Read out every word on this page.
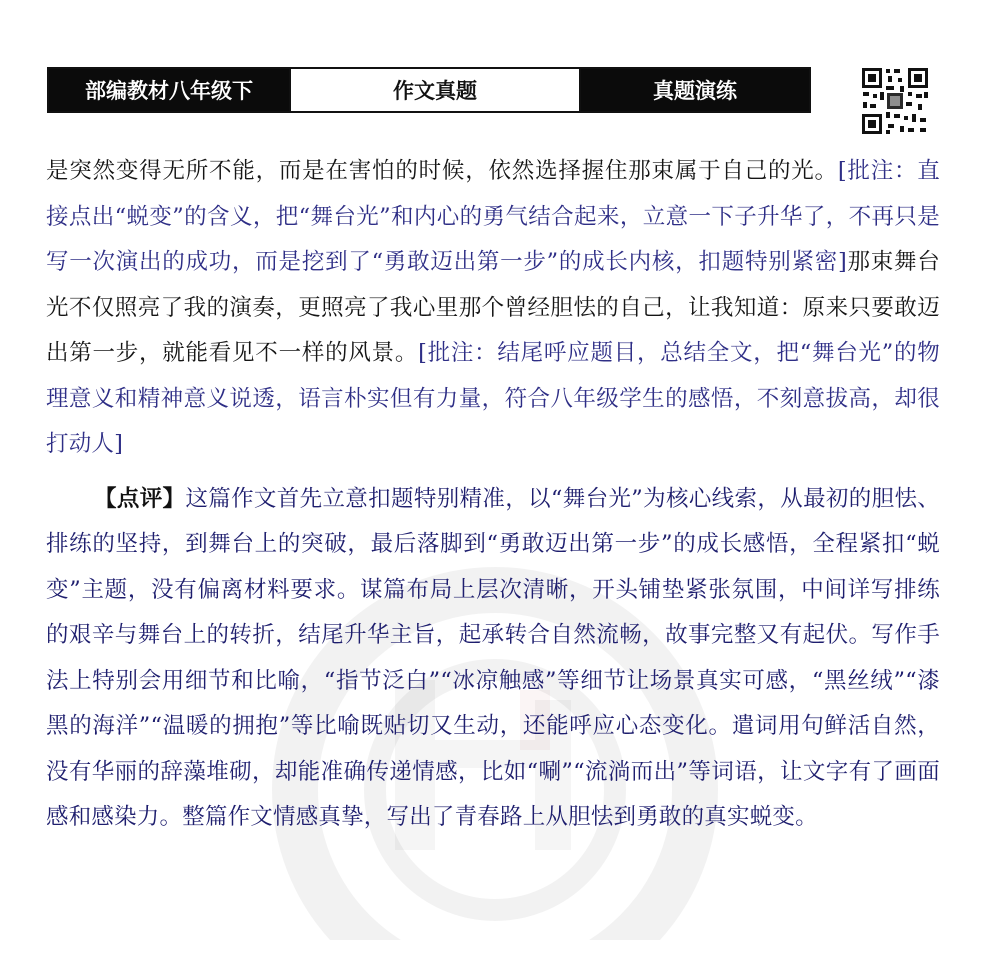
部编教材八年级下	作文真题	真题演练

是突然变得无所不能，而是在害怕的时候，依然选择握住那束属于自己的光。[批注：直接点出“蜕变”的含义，把“舞台光”和内心的勇气结合起来，立意一下子升华了，不再只是写一次演出的成功，而是挖到了“勇敢迈出第一步”的成长内核，扣题特别紧密]那束舞台光不仅照亮了我的演奏，更照亮了我心里那个曾经胆怯的自己，让我知道：原来只要敢迈出第一步，就能看见不一样的风景。[批注：结尾呼应题目，总结全文，把“舞台光”的物理意义和精神意义说透，语言朴实但有力量，符合八年级学生的感悟，不刻意拔高，却很打动人]

【点评】这篇作文首先立意扣题特别精准，以“舞台光”为核心线索，从最初的胆怯、排练的坚持，到舞台上的突破，最后落脚到“勇敢迈出第一步”的成长感悟，全程紧扣“蜕变”主题，没有偏离材料要求。谋篇布局上层次清晰，开头铺垫紧张氛围，中间详写排练的艰辛与舞台上的转折，结尾升华主旨，起承转合自然流畅，故事完整又有起伏。写作手法上特别会用细节和比喻，“指节泛白”“冰凉触感”等细节让场景真实可感，“黑丝绒”“漆黑的海洋”“温暖的拥抱”等比喻既贴切又生动，还能呼应心态变化。遣词用句鲜活自然，没有华丽的辞藻堆砌，却能准确传递情感，比如“唰”“流淌而出”等词语，让文字有了画面感和感染力。整篇作文情感真挚，写出了青春路上从胆怯到勇敢的真实蜕变。
